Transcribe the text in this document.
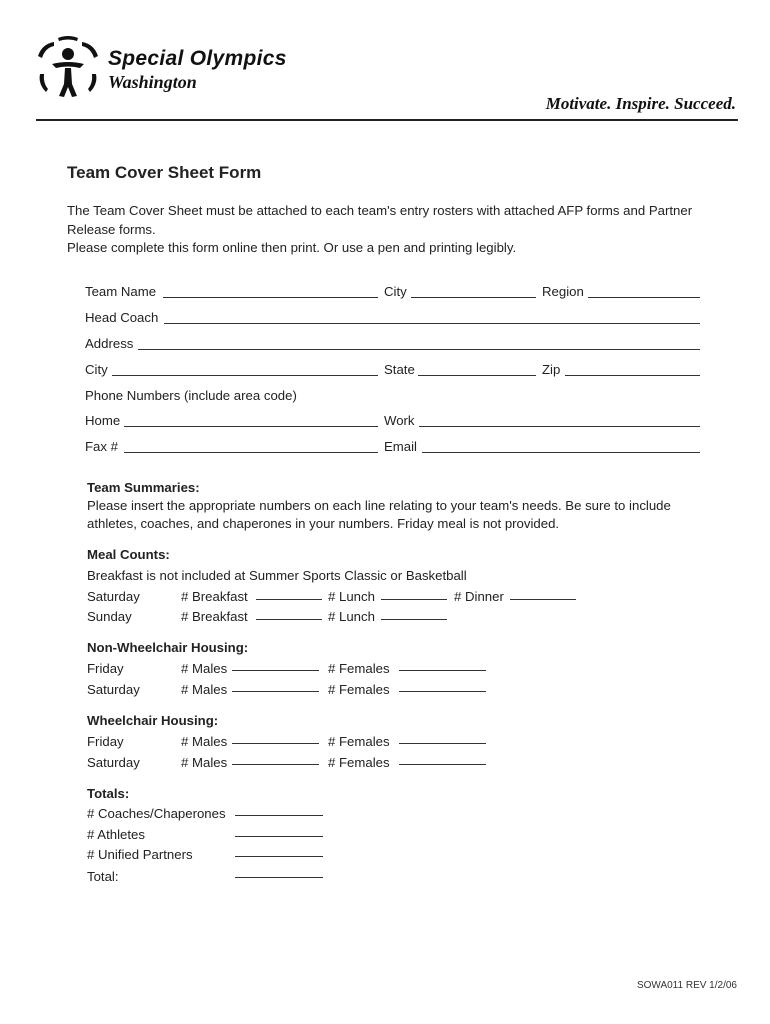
Special Olympics
Washington
Motivate. Inspire. Succeed.
Team Cover Sheet Form

The Team Cover Sheet must be attached to each team's entry rosters with attached AFP forms and Partner Release forms.

Please complete this form online then print. Or use a pen and printing legibly.

Team Name	City	Region
Head Coach
Address
City	State	Zip
Phone Numbers (include area code)
Home	Work
Fax #	Email
Team Summaries:
Please insert the appropriate numbers on each line relating to your team's needs. Be sure to include athletes, coaches, and chaperones in your numbers. Friday meal is not provided.
Meal Counts:
Breakfast is not included at Summer Sports Classic or Basketball
Saturday	# Breakfast	# Lunch	# Dinner
Sunday	# Breakfast	# Lunch
Non-Wheelchair Housing:
Friday	# Males	# Females
Saturday	# Males	# Females
Wheelchair Housing:
Friday	# Males	# Females
Saturday	# Males	# Females
Totals:
# Coaches/Chaperones
# Athletes
# Unified Partners
Total:
SOWA011 REV 1/2/06
